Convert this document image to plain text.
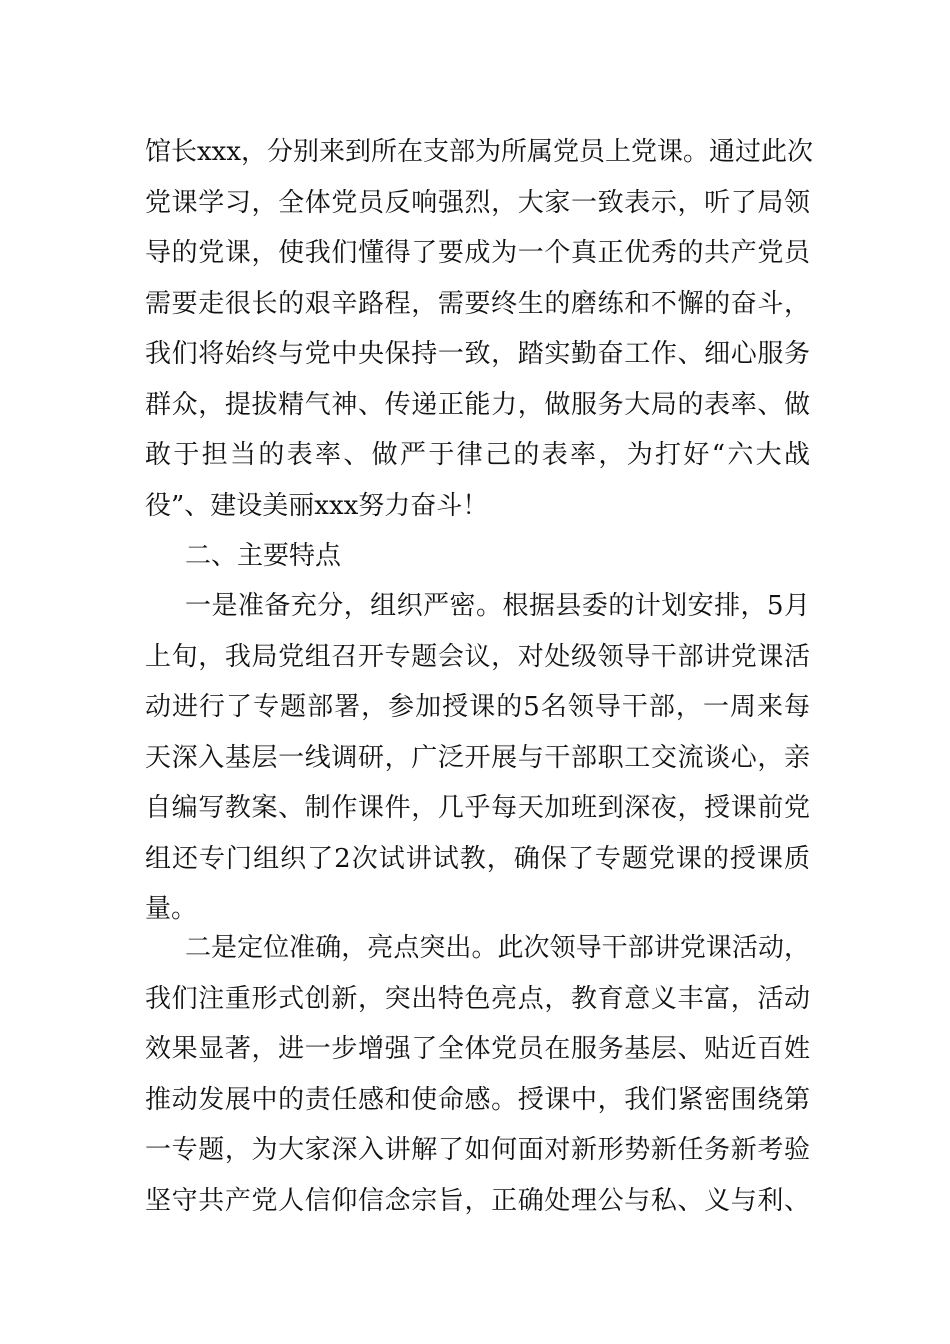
馆长xxx，分别来到所在支部为所属党员上党课。通过此次
党课学习，全体党员反响强烈，大家一致表示，听了局领
导的党课，使我们懂得了要成为一个真正优秀的共产党员
需要走很长的艰辛路程，需要终生的磨练和不懈的奋斗，
我们将始终与党中央保持一致，踏实勤奋工作、细心服务
群众，提拔精气神、传递正能力，做服务大局的表率、做
敢于担当的表率、做严于律己的表率，为打好“六大战
役”、建设美丽xxx努力奋斗！
二、主要特点
一是准备充分，组织严密。根据县委的计划安排，5月
上旬，我局党组召开专题会议，对处级领导干部讲党课活
动进行了专题部署，参加授课的5名领导干部，一周来每
天深入基层一线调研，广泛开展与干部职工交流谈心，亲
自编写教案、制作课件，几乎每天加班到深夜，授课前党
组还专门组织了2次试讲试教，确保了专题党课的授课质
量。
二是定位准确，亮点突出。此次领导干部讲党课活动，
我们注重形式创新，突出特色亮点，教育意义丰富，活动
效果显著，进一步增强了全体党员在服务基层、贴近百姓
推动发展中的责任感和使命感。授课中，我们紧密围绕第
一专题，为大家深入讲解了如何面对新形势新任务新考验
坚守共产党人信仰信念宗旨，正确处理公与私、义与利、
